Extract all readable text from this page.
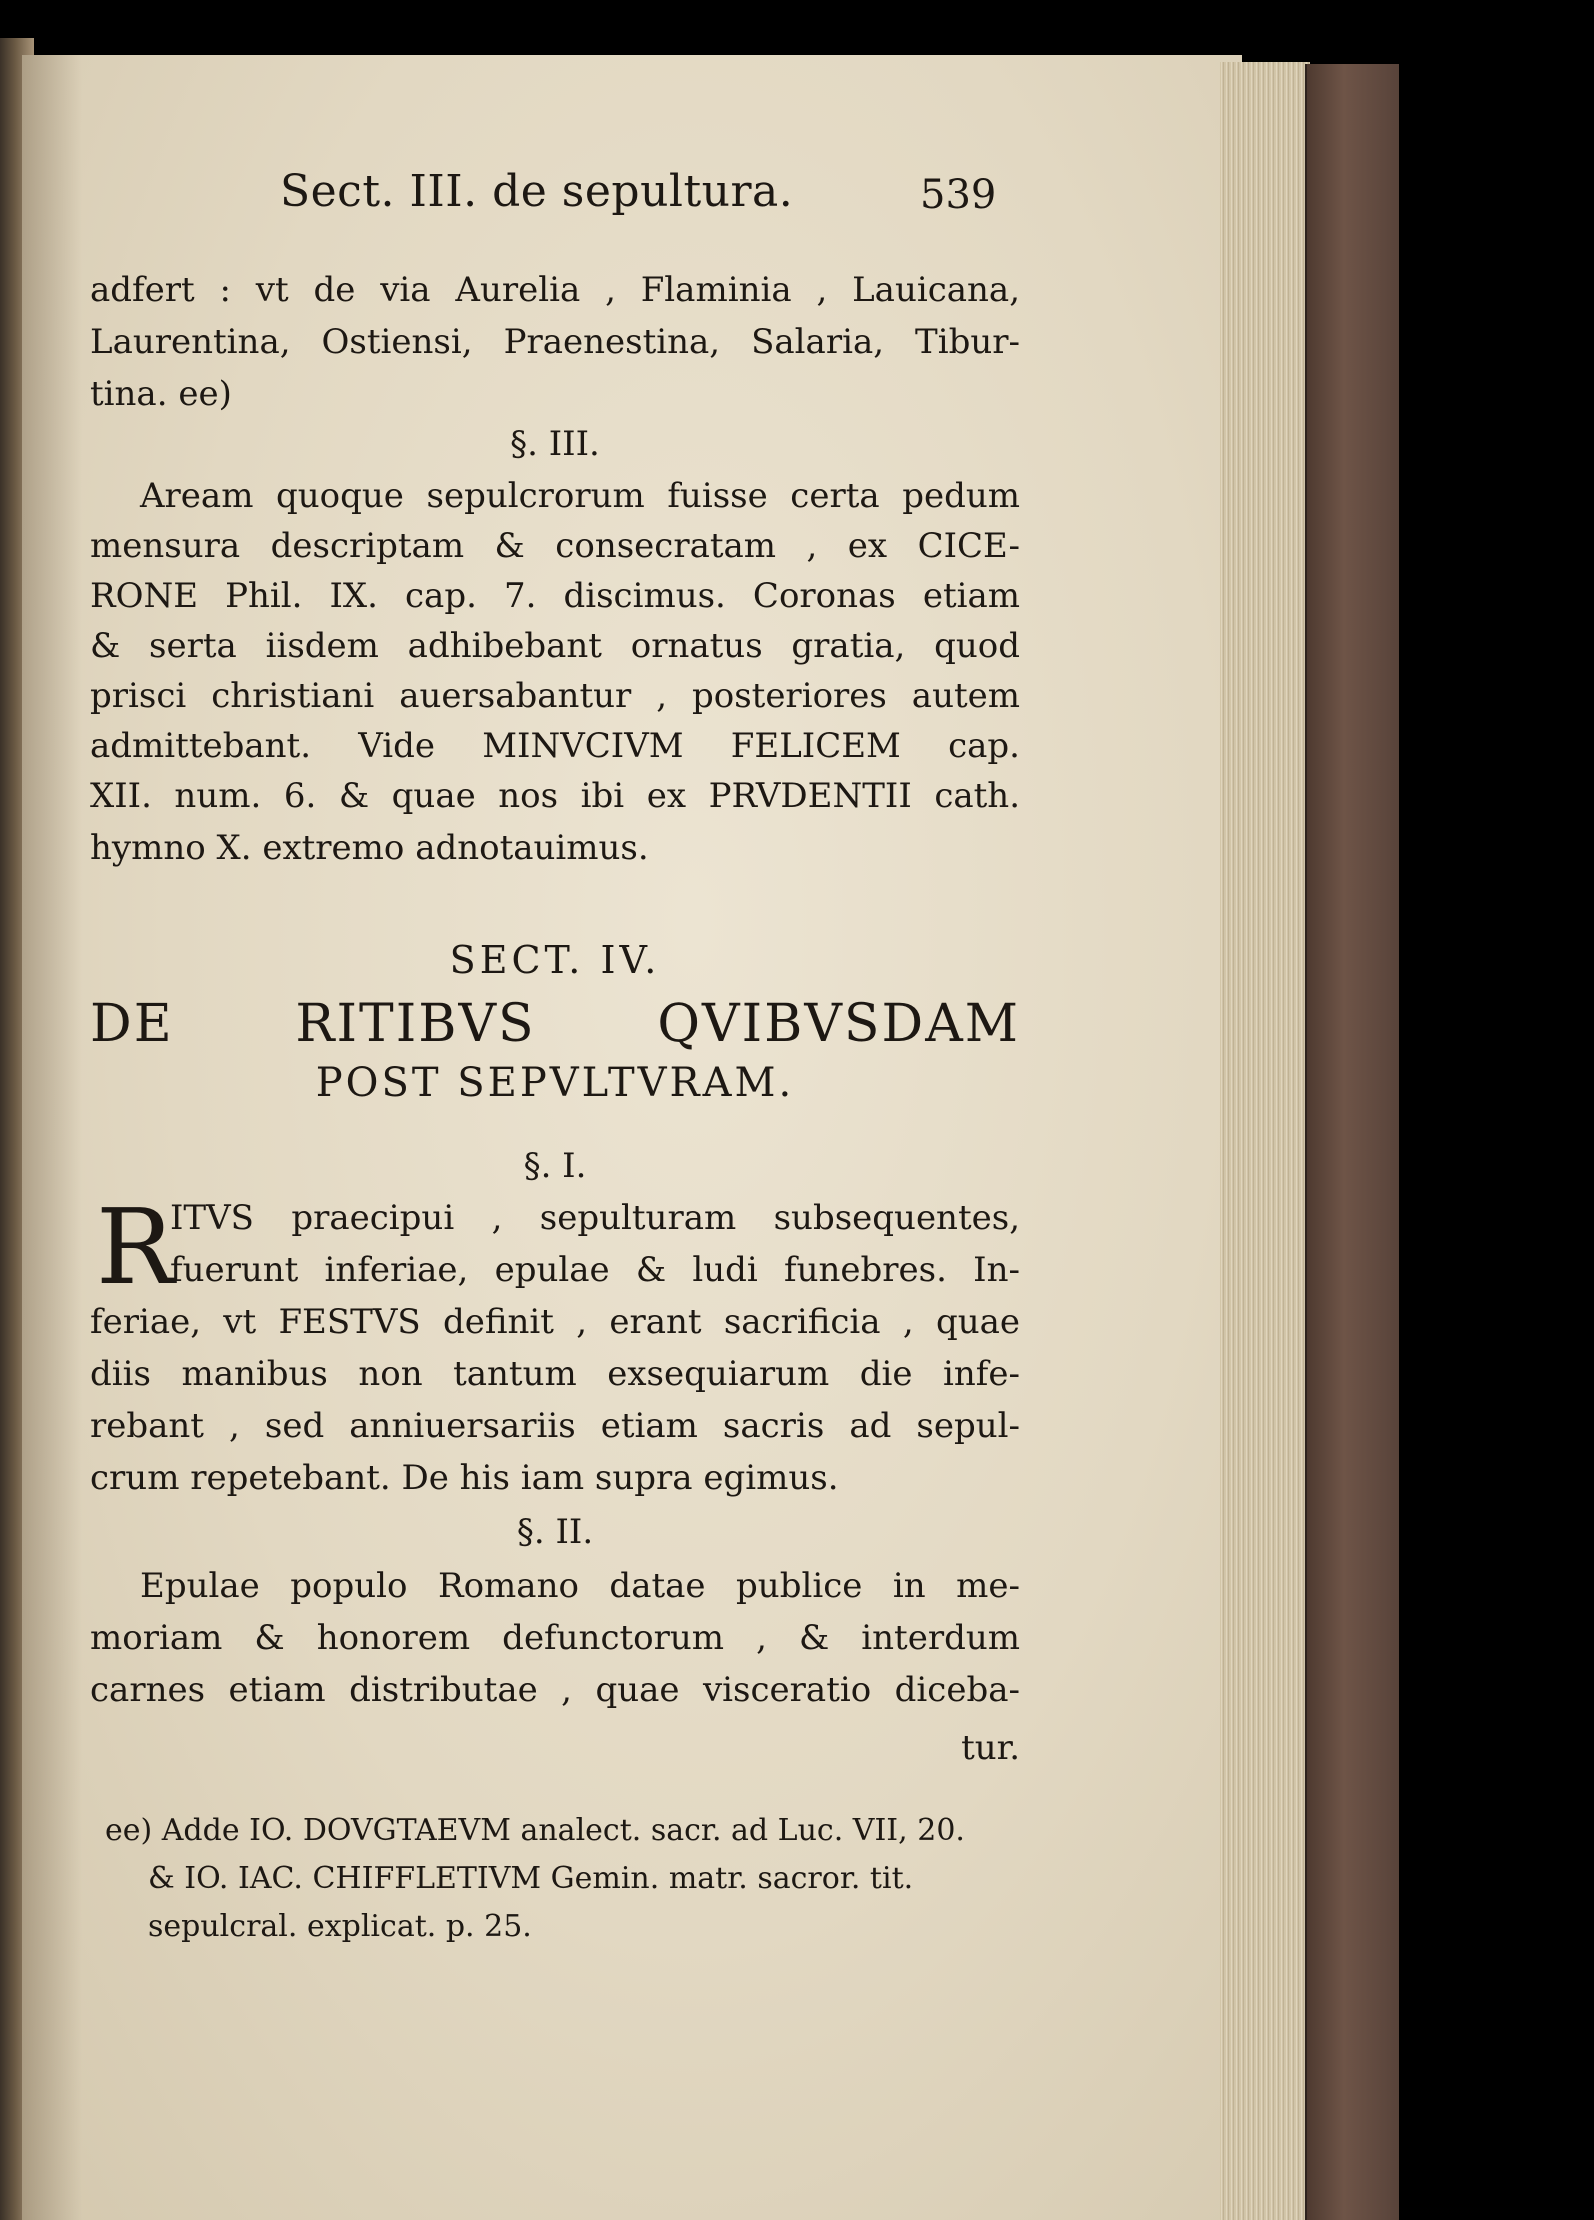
Sect. III. de sepultura.	539
adfert : vt de via Aurelia , Flaminia , Lauicana,
Laurentina, Ostiensi, Praenestina, Salaria, Tibur-
tina. ee)
§. III.
Aream quoque sepulcrorum fuisse certa pedum
mensura descriptam & consecratam , ex CICE-
RONE Phil. IX. cap. 7. discimus. Coronas etiam
& serta iisdem adhibebant ornatus gratia, quod
prisci christiani auersabantur , posteriores autem
admittebant. Vide MINVCIVM FELICEM cap.
XII. num. 6. & quae nos ibi ex PRVDENTII cath.
hymno X. extremo adnotauimus.
SECT. IV.
DE RITIBVS QVIBVSDAM
POST SEPVLTVRAM.
§. I.
R
ITVS praecipui , sepulturam subsequentes,
fuerunt inferiae, epulae & ludi funebres. In-
feriae, vt FESTVS definit , erant sacrificia , quae
diis manibus non tantum exsequiarum die infe-
rebant , sed anniuersariis etiam sacris ad sepul-
crum repetebant. De his iam supra egimus.
§. II.
Epulae populo Romano datae publice in me-
moriam & honorem defunctorum , & interdum
carnes etiam distributae , quae visceratio diceba-
tur.
ee) Adde IO. DOVGTAEVM analect. sacr. ad Luc. VII, 20.
& IO. IAC. CHIFFLETIVM Gemin. matr. sacror. tit.
sepulcral. explicat. p. 25.
